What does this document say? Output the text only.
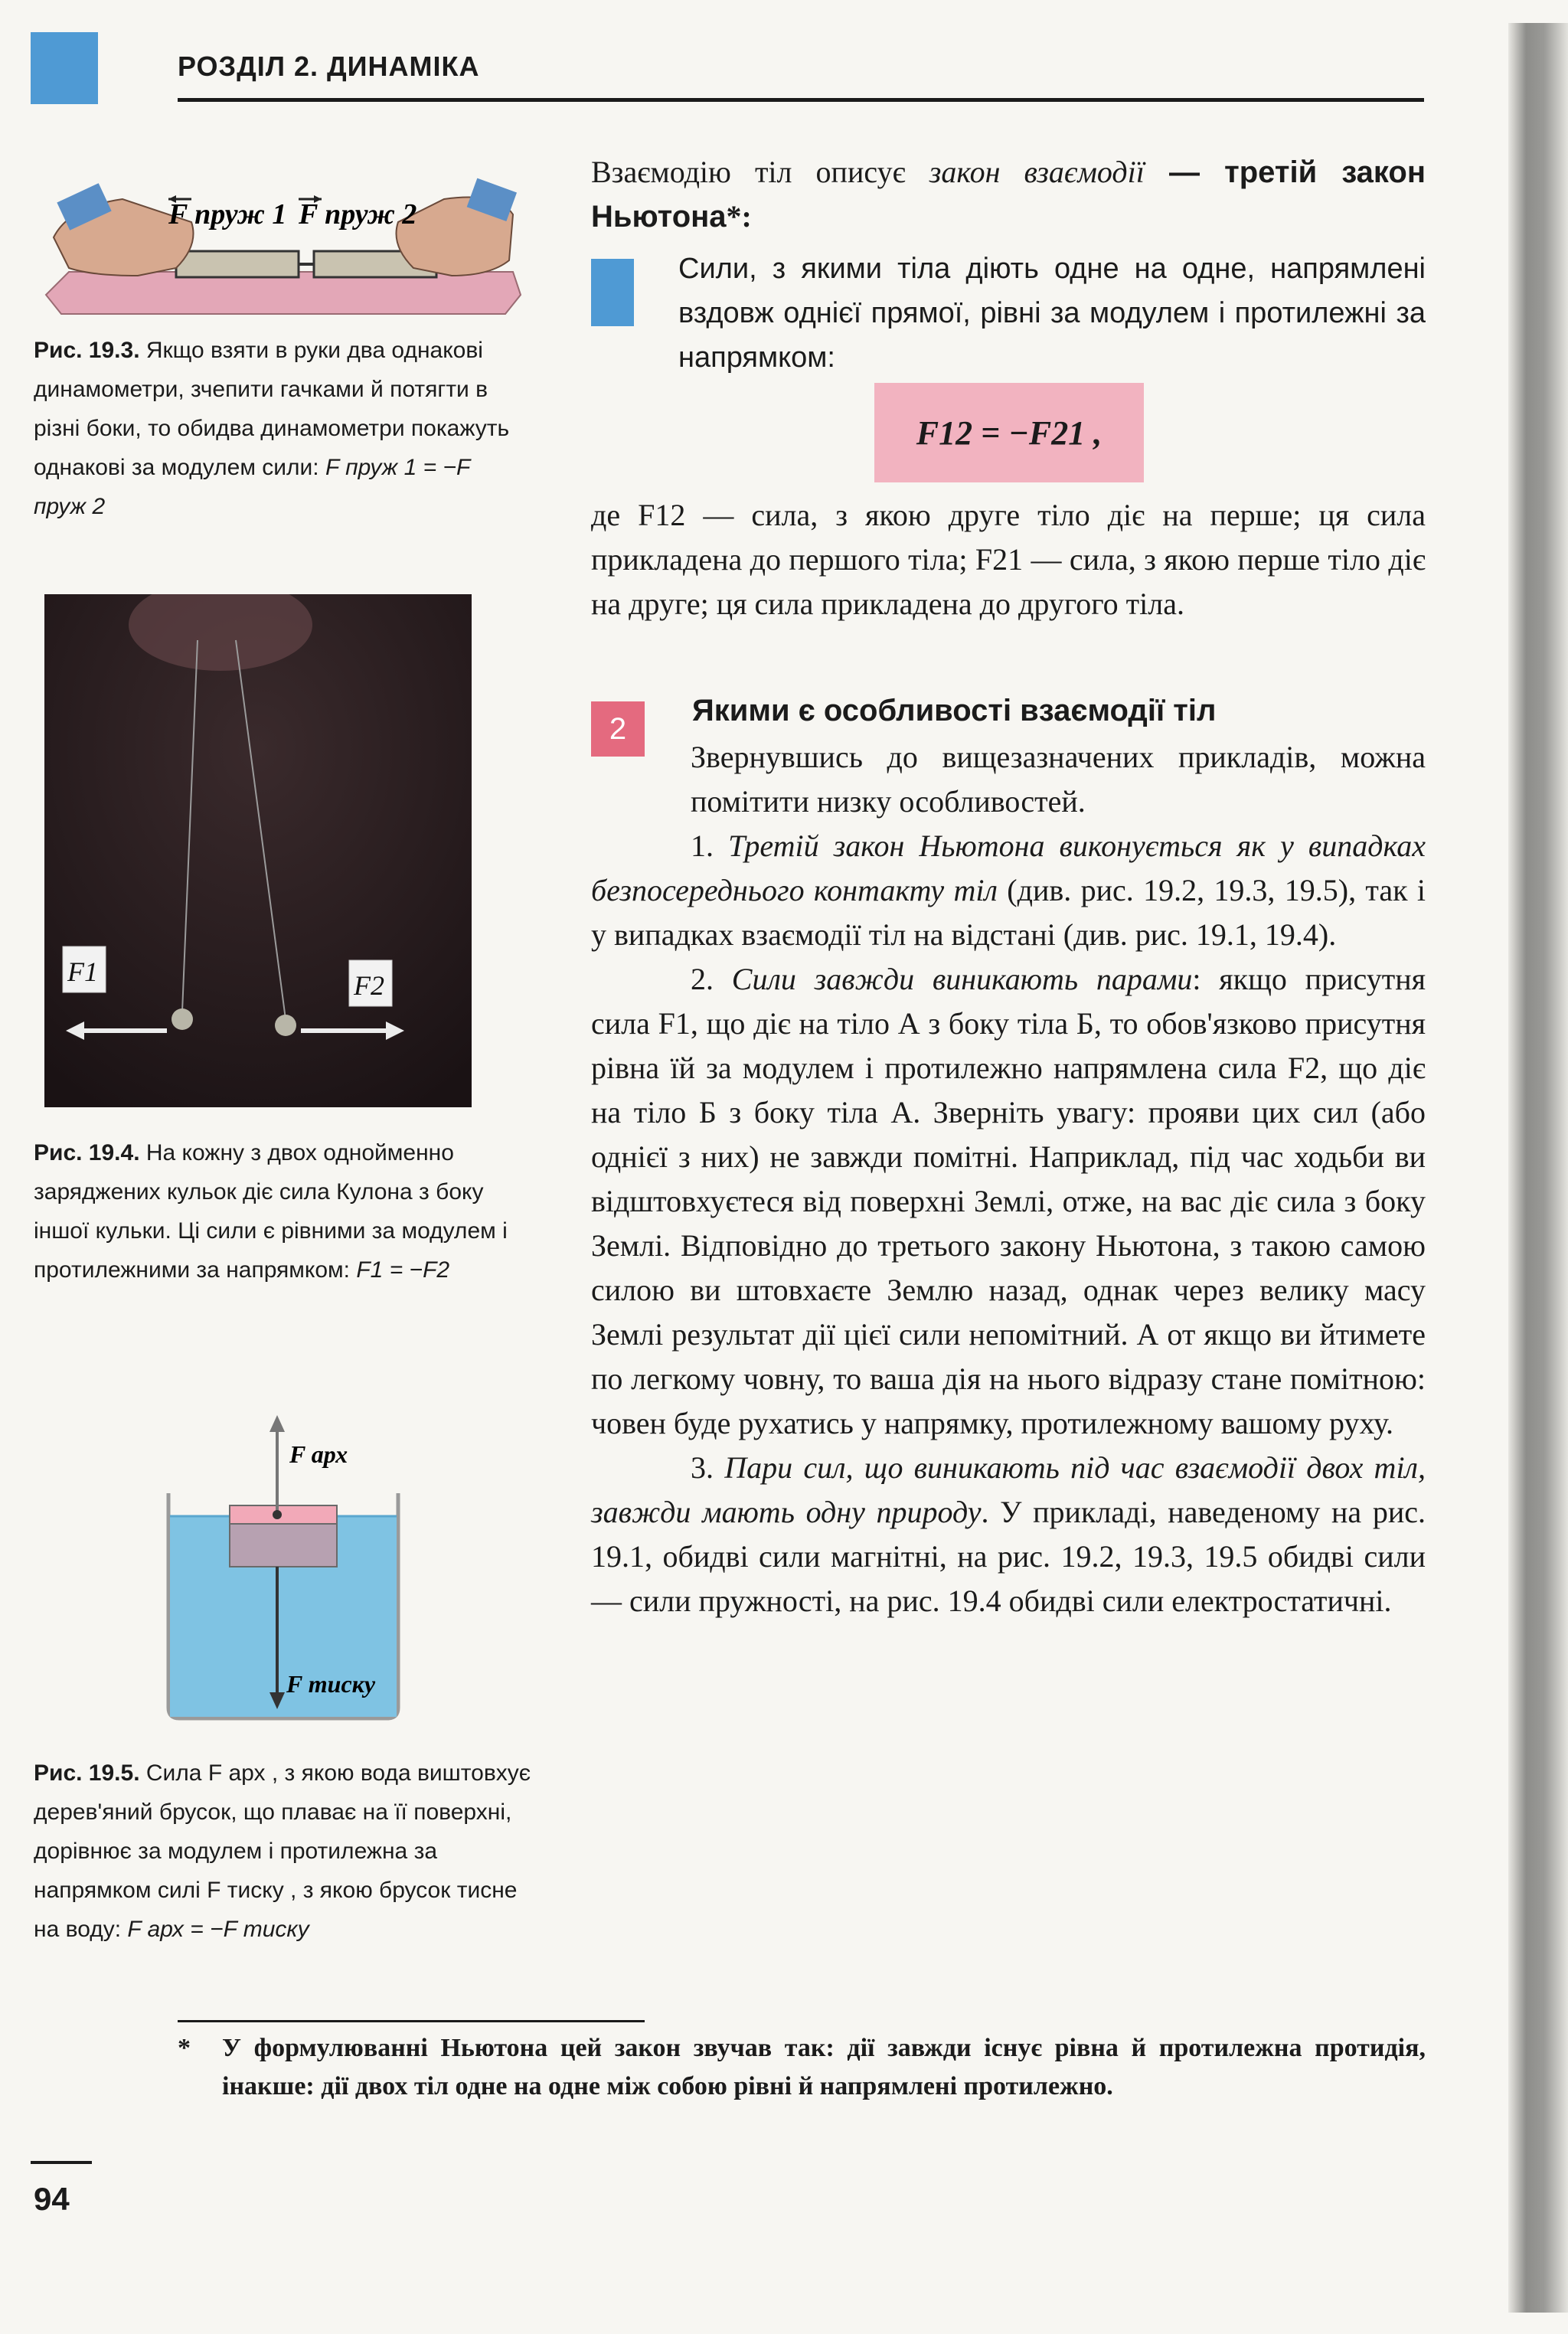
РОЗДІЛ 2. ДИНАМІКА
F пруж 1 F пруж 2
Рис. 19.3. Якщо взяти в руки два однакові динамометри, зчепити гачками й потягти в різні боки, то обидва динамометри покажуть однакові за модулем сили: F пруж 1 = −F пруж 2
F1	F2
Рис. 19.4. На кожну з двох однойменно заряджених кульок діє сила Кулона з боку іншої кульки. Ці сили є рівними за модулем і протилежними за напрямком: F1 = −F2
F арх
F тиску
Рис. 19.5. Сила F арх , з якою вода виштовхує дерев'яний брусок, що плаває на її поверхні, дорівнює за модулем і протилежна за напрямком силі F тиску , з якою брусок тисне на воду: F арх = −F тиску
Взаємодію тіл описує закон взаємодії — третій закон Ньютона*:

Сили, з якими тіла діють одне на одне, напрямлені вздовж однієї прямої, рівні за модулем і протилежні за напрямком:

F12 = −F21 ,
де F12 — сила, з якою друге тіло діє на перше; ця сила прикладена до першого тіла; F21 — сила, з якою перше тіло діє на друге; ця сила прикладена до другого тіла.
2
Якими є особливості взаємодії тіл

Звернувшись до вищезазначених прикладів, можна помітити низку особливостей.

1. Третій закон Ньютона виконується як у випадках безпосереднього контакту тіл (див. рис. 19.2, 19.3, 19.5), так і у випадках взаємодії тіл на відстані (див. рис. 19.1, 19.4).

2. Сили завжди виникають парами: якщо присутня сила F1, що діє на тіло А з боку тіла Б, то обов'язково присутня рівна їй за модулем і протилежно напрямлена сила F2, що діє на тіло Б з боку тіла А. Зверніть увагу: прояви цих сил (або однієї з них) не завжди помітні. Наприклад, під час ходьби ви відштовхуєтеся від поверхні Землі, отже, на вас діє сила з боку Землі. Відповідно до третього закону Ньютона, з такою самою силою ви штовхаєте Землю назад, однак через велику масу Землі результат дії цієї сили непомітний. А от якщо ви йтимете по легкому човну, то ваша дія на нього відразу стане помітною: човен буде рухатись у напрямку, протилежному вашому руху.

3. Пари сил, що виникають під час взаємодії двох тіл, завжди мають одну природу. У прикладі, наведеному на рис. 19.1, обидві сили магнітні, на рис. 19.2, 19.3, 19.5 обидві сили — сили пружності, на рис. 19.4 обидві сили електростатичні.

* У формулюванні Ньютона цей закон звучав так: дії завжди існує рівна й протилежна протидія, інакше: дії двох тіл одне на одне між собою рівні й напрямлені протилежно.
94
